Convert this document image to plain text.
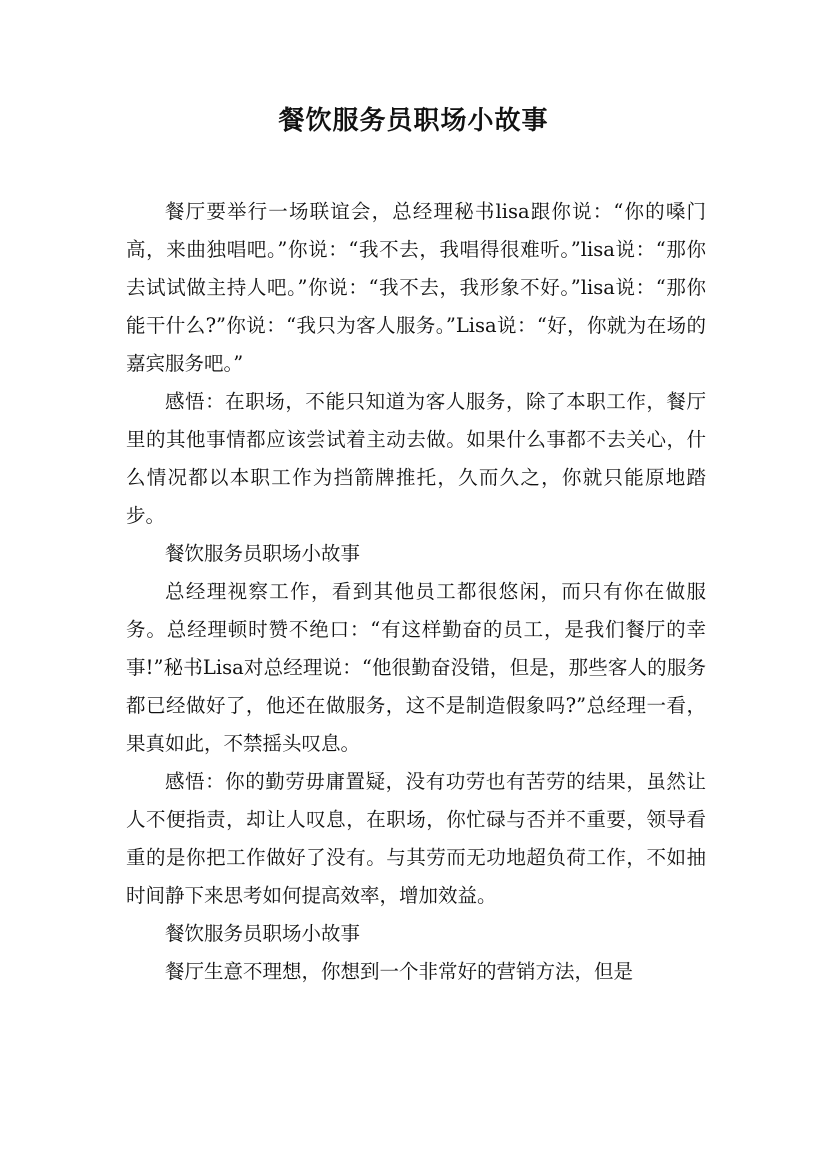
餐饮服务员职场小故事

餐厅要举行一场联谊会，总经理秘书lisa跟你说：“你的嗓门高，来曲独唱吧。”你说：“我不去，我唱得很难听。”lisa说：“那你去试试做主持人吧。”你说：“我不去，我形象不好。”lisa说：“那你能干什么?”你说：“我只为客人服务。”Lisa说：“好，你就为在场的嘉宾服务吧。”

感悟：在职场，不能只知道为客人服务，除了本职工作，餐厅里的其他事情都应该尝试着主动去做。如果什么事都不去关心，什么情况都以本职工作为挡箭牌推托，久而久之，你就只能原地踏步。

餐饮服务员职场小故事

总经理视察工作，看到其他员工都很悠闲，而只有你在做服务。总经理顿时赞不绝口：“有这样勤奋的员工，是我们餐厅的幸事!”秘书Lisa对总经理说：“他很勤奋没错，但是，那些客人的服务都已经做好了，他还在做服务，这不是制造假象吗?”总经理一看，果真如此，不禁摇头叹息。

感悟：你的勤劳毋庸置疑，没有功劳也有苦劳的结果，虽然让人不便指责，却让人叹息，在职场，你忙碌与否并不重要，领导看重的是你把工作做好了没有。与其劳而无功地超负荷工作，不如抽时间静下来思考如何提高效率，增加效益。

餐饮服务员职场小故事

餐厅生意不理想，你想到一个非常好的营销方法，但是
